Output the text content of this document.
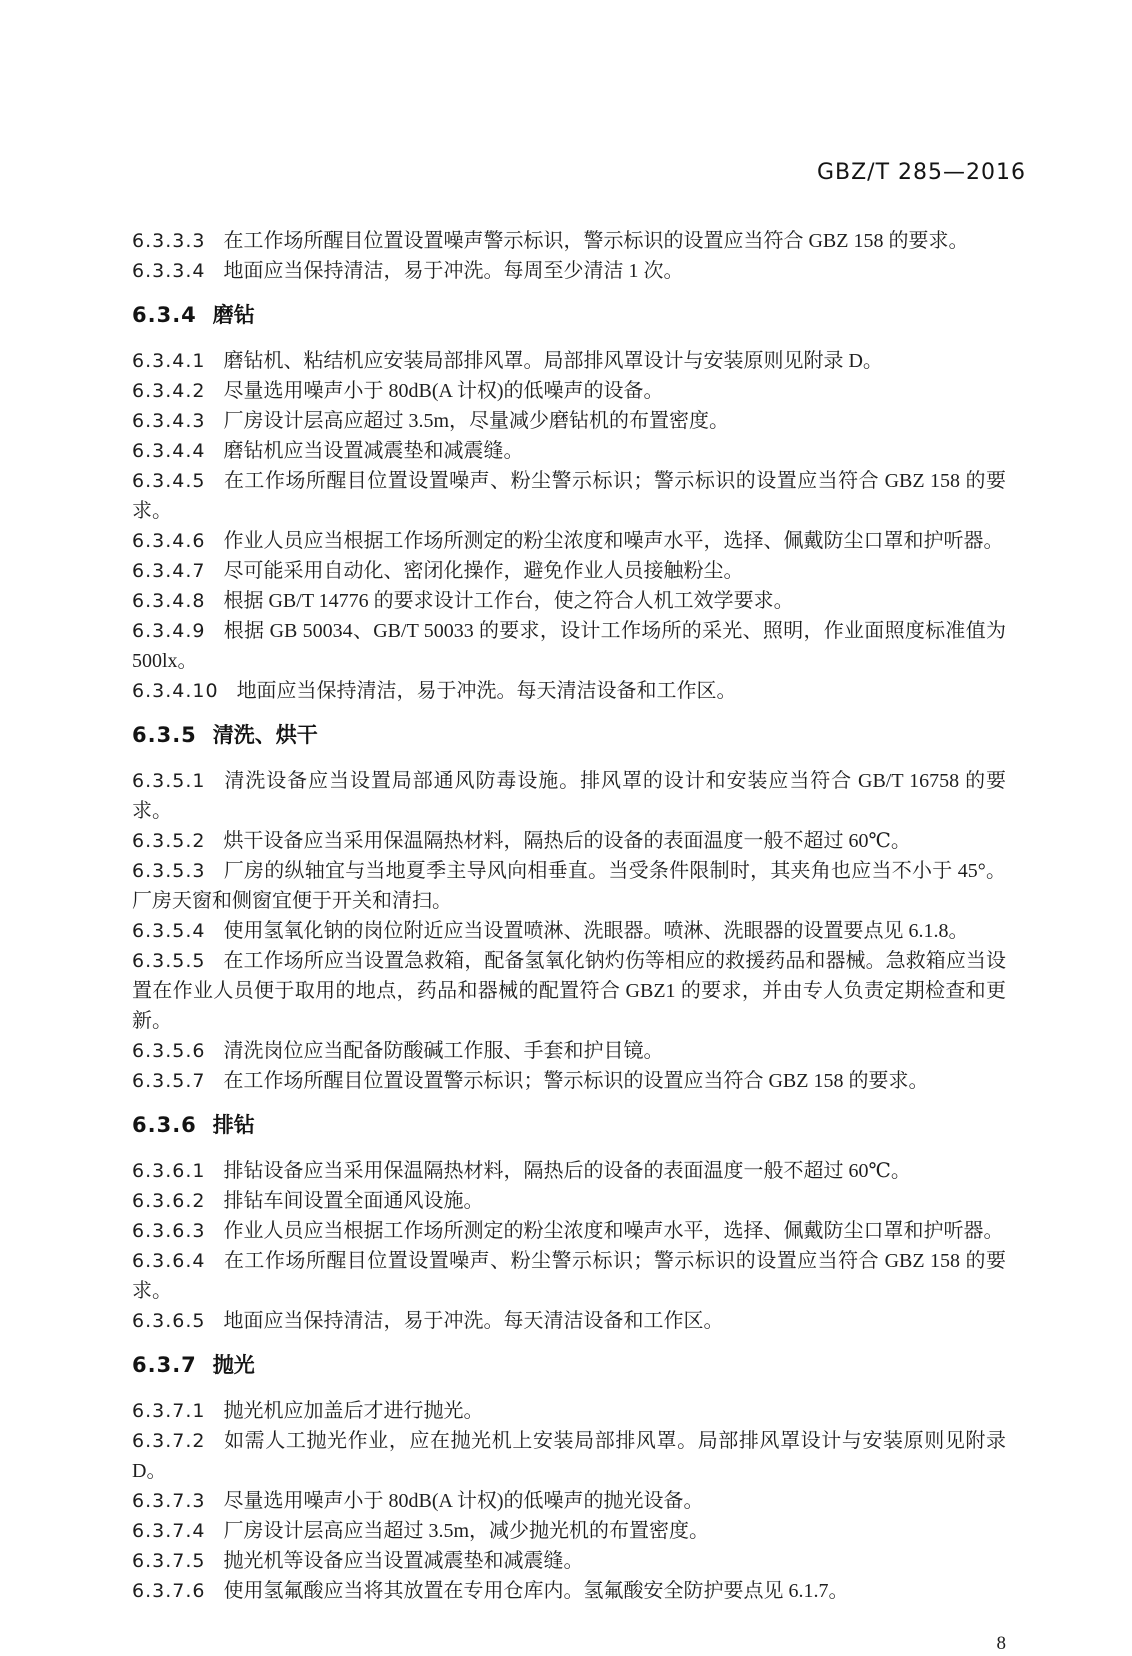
GBZ/T 285—2016

6.3.3.3 在工作场所醒目位置设置噪声警示标识，警示标识的设置应当符合 GBZ 158 的要求。

6.3.3.4 地面应当保持清洁，易于冲洗。每周至少清洁 1 次。

6.3.4 磨钻

6.3.4.1 磨钻机、粘结机应安装局部排风罩。局部排风罩设计与安装原则见附录 D。

6.3.4.2 尽量选用噪声小于 80dB(A 计权)的低噪声的设备。

6.3.4.3 厂房设计层高应超过 3.5m，尽量减少磨钻机的布置密度。

6.3.4.4 磨钻机应当设置减震垫和减震缝。

6.3.4.5 在工作场所醒目位置设置噪声、粉尘警示标识；警示标识的设置应当符合 GBZ 158 的要求。

6.3.4.6 作业人员应当根据工作场所测定的粉尘浓度和噪声水平，选择、佩戴防尘口罩和护听器。

6.3.4.7 尽可能采用自动化、密闭化操作，避免作业人员接触粉尘。

6.3.4.8 根据 GB/T 14776 的要求设计工作台，使之符合人机工效学要求。

6.3.4.9 根据 GB 50034、GB/T 50033 的要求，设计工作场所的采光、照明，作业面照度标准值为 500lx。

6.3.4.10 地面应当保持清洁，易于冲洗。每天清洁设备和工作区。

6.3.5 清洗、烘干

6.3.5.1 清洗设备应当设置局部通风防毒设施。排风罩的设计和安装应当符合 GB/T 16758 的要求。

6.3.5.2 烘干设备应当采用保温隔热材料，隔热后的设备的表面温度一般不超过 60℃。

6.3.5.3 厂房的纵轴宜与当地夏季主导风向相垂直。当受条件限制时，其夹角也应当不小于 45°。厂房天窗和侧窗宜便于开关和清扫。

6.3.5.4 使用氢氧化钠的岗位附近应当设置喷淋、洗眼器。喷淋、洗眼器的设置要点见 6.1.8。

6.3.5.5 在工作场所应当设置急救箱，配备氢氧化钠灼伤等相应的救援药品和器械。急救箱应当设置在作业人员便于取用的地点，药品和器械的配置符合 GBZ1 的要求，并由专人负责定期检查和更新。

6.3.5.6 清洗岗位应当配备防酸碱工作服、手套和护目镜。

6.3.5.7 在工作场所醒目位置设置警示标识；警示标识的设置应当符合 GBZ 158 的要求。

6.3.6 排钻

6.3.6.1 排钻设备应当采用保温隔热材料，隔热后的设备的表面温度一般不超过 60℃。

6.3.6.2 排钻车间设置全面通风设施。

6.3.6.3 作业人员应当根据工作场所测定的粉尘浓度和噪声水平，选择、佩戴防尘口罩和护听器。

6.3.6.4 在工作场所醒目位置设置噪声、粉尘警示标识；警示标识的设置应当符合 GBZ 158 的要求。

6.3.6.5 地面应当保持清洁，易于冲洗。每天清洁设备和工作区。

6.3.7 抛光

6.3.7.1 抛光机应加盖后才进行抛光。

6.3.7.2 如需人工抛光作业，应在抛光机上安装局部排风罩。局部排风罩设计与安装原则见附录 D。

6.3.7.3 尽量选用噪声小于 80dB(A 计权)的低噪声的抛光设备。

6.3.7.4 厂房设计层高应当超过 3.5m，减少抛光机的布置密度。

6.3.7.5 抛光机等设备应当设置减震垫和减震缝。

6.3.7.6 使用氢氟酸应当将其放置在专用仓库内。氢氟酸安全防护要点见 6.1.7。

8
